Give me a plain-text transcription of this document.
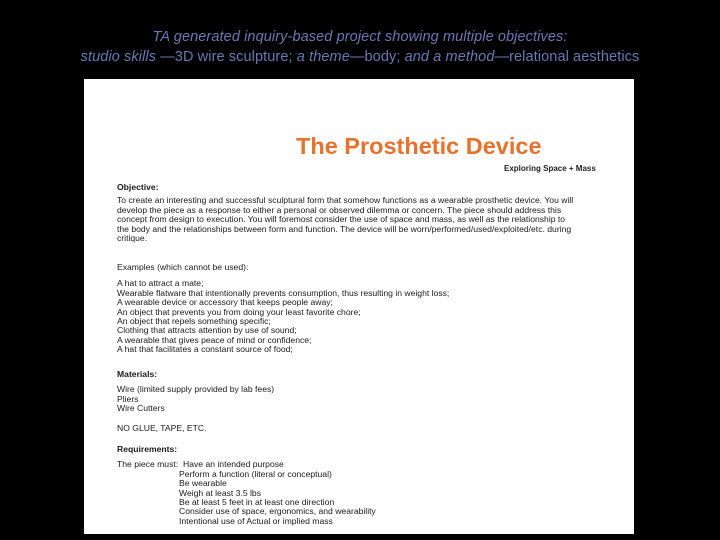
TA generated inquiry-based project showing multiple objectives:
studio skills —3D wire sculpture; a theme—body; and a method—relational aesthetics
The Prosthetic Device
Exploring Space + Mass
Objective:
To create an interesting and successful sculptural form that somehow functions as a wearable prosthetic device. You will
develop the piece as a response to either a personal or observed dilemma or concern. The piece should address this
concept from design to execution. You will foremost consider the use of space and mass, as well as the relationship to
the body and the relationships between form and function. The device will be worn/performed/used/exploited/etc. during
critique.
Examples (which cannot be used):
A hat to attract a mate;
Wearable flatware that intentionally prevents consumption, thus resulting in weight loss;
A wearable device or accessory that keeps people away;
An object that prevents you from doing your least favorite chore;
An object that repels something specific;
Clothing that attracts attention by use of sound;
A wearable that gives peace of mind or confidence;
A hat that facilitates a constant source of food;
Materials:
Wire (limited supply provided by lab fees)
Pliers
Wire Cutters
NO GLUE, TAPE, ETC.
Requirements:
The piece must: Have an intended purpose
Perform a function (literal or conceptual)
Be wearable
Weigh at least 3.5 lbs
Be at least 5 feet in at least one direction
Consider use of space, ergonomics, and wearability
Intentional use of Actual or implied mass
